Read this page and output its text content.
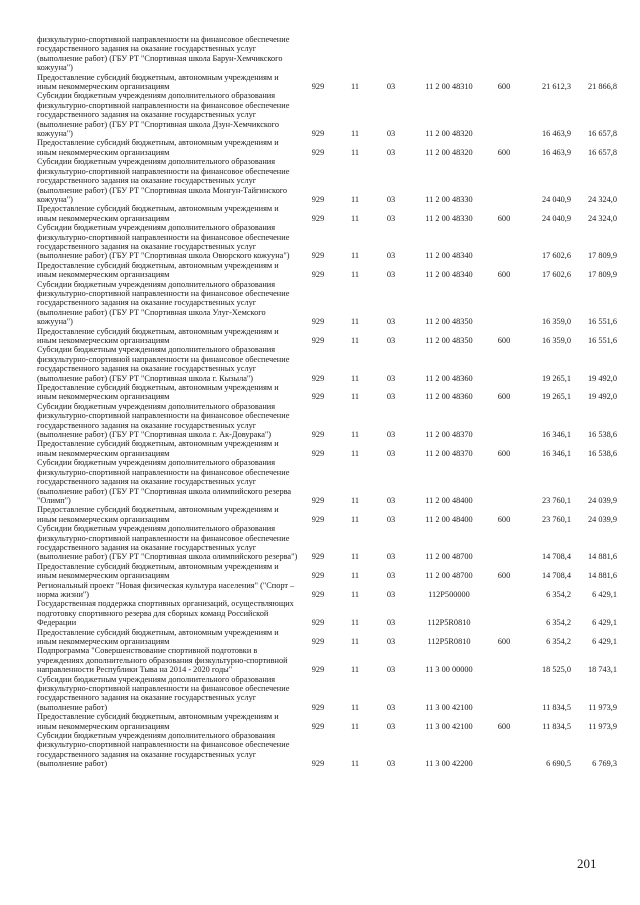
физкультурно-спортивной направленности на финансовое обеспечение государственного задания на оказание государственных услуг (выполнение работ) (ГБУ РТ "Спортивная школа Барун-Хемчикского кожууна")							
Предоставление субсидий бюджетным, автономным учреждениям и иным некоммерческим организациям	929	11	03	11 2 00 48310	600	21 612,3	21 866,8
Субсидии бюджетным учреждениям дополнительного образования физкультурно-спортивной направленности на финансовое обеспечение государственного задания на оказание государственных услуг (выполнение работ) (ГБУ РТ "Спортивная школа Дзун-Хемчикского кожууна")	929	11	03	11 2 00 48320		16 463,9	16 657,8
Предоставление субсидий бюджетным, автономным учреждениям и иным некоммерческим организациям	929	11	03	11 2 00 48320	600	16 463,9	16 657,8
Субсидии бюджетным учреждениям дополнительного образования физкультурно-спортивной направленности на финансовое обеспечение государственного задания на оказание государственных услуг (выполнение работ) (ГБУ РТ "Спортивная школа Монгун-Тайгинского кожууна")	929	11	03	11 2 00 48330		24 040,9	24 324,0
Предоставление субсидий бюджетным, автономным учреждениям и иным некоммерческим организациям	929	11	03	11 2 00 48330	600	24 040,9	24 324,0
Субсидии бюджетным учреждениям дополнительного образования физкультурно-спортивной направленности на финансовое обеспечение государственного задания на оказание государственных услуг (выполнение работ) (ГБУ РТ "Спортивная школа Овюрского кожууна")	929	11	03	11 2 00 48340		17 602,6	17 809,9
Предоставление субсидий бюджетным, автономным учреждениям и иным некоммерческим организациям	929	11	03	11 2 00 48340	600	17 602,6	17 809,9
Субсидии бюджетным учреждениям дополнительного образования физкультурно-спортивной направленности на финансовое обеспечение государственного задания на оказание государственных услуг (выполнение работ) (ГБУ РТ "Спортивная школа Улуг-Хемского кожууна")	929	11	03	11 2 00 48350		16 359,0	16 551,6
Предоставление субсидий бюджетным, автономным учреждениям и иным некоммерческим организациям	929	11	03	11 2 00 48350	600	16 359,0	16 551,6
Субсидии бюджетным учреждениям дополнительного образования физкультурно-спортивной направленности на финансовое обеспечение государственного задания на оказание государственных услуг (выполнение работ) (ГБУ РТ "Спортивная школа г. Кызыла")	929	11	03	11 2 00 48360		19 265,1	19 492,0
Предоставление субсидий бюджетным, автономным учреждениям и иным некоммерческим организациям	929	11	03	11 2 00 48360	600	19 265,1	19 492,0
Субсидии бюджетным учреждениям дополнительного образования физкультурно-спортивной направленности на финансовое обеспечение государственного задания на оказание государственных услуг (выполнение работ) (ГБУ РТ "Спортивная школа г. Ак-Довурака")	929	11	03	11 2 00 48370		16 346,1	16 538,6
Предоставление субсидий бюджетным, автономным учреждениям и иным некоммерческим организациям	929	11	03	11 2 00 48370	600	16 346,1	16 538,6
Субсидии бюджетным учреждениям дополнительного образования физкультурно-спортивной направленности на финансовое обеспечение государственного задания на оказание государственных услуг (выполнение работ) (ГБУ РТ "Спортивная школа олимпийского резерва "Олимп")	929	11	03	11 2 00 48400		23 760,1	24 039,9
Предоставление субсидий бюджетным, автономным учреждениям и иным некоммерческим организациям	929	11	03	11 2 00 48400	600	23 760,1	24 039,9
Субсидии бюджетным учреждениям дополнительного образования физкультурно-спортивной направленности на финансовое обеспечение государственного задания на оказание государственных услуг (выполнение работ) (ГБУ РТ "Спортивная школа олимпийского резерва")	929	11	03	11 2 00 48700		14 708,4	14 881,6
Предоставление субсидий бюджетным, автономным учреждениям и иным некоммерческим организациям	929	11	03	11 2 00 48700	600	14 708,4	14 881,6
Региональный проект "Новая физическая культура населения" ("Спорт –норма жизни")	929	11	03	112P500000		6 354,2	6 429,1
Государственная поддержка спортивных организаций, осуществляющих подготовку спортивного резерва для сборных команд Российской Федерации	929	11	03	112P5R0810		6 354,2	6 429,1
Предоставление субсидий бюджетным, автономным учреждениям и иным некоммерческим организациям	929	11	03	112P5R0810	600	6 354,2	6 429,1
Подпрограмма "Совершенствование спортивной подготовки в учреждениях дополнительного образования физкультурно-спортивной направленности Республики Тыва на 2014 - 2020 годы"	929	11	03	11 3 00 00000		18 525,0	18 743,1
Субсидии бюджетным учреждениям дополнительного образования физкультурно-спортивной направленности на финансовое обеспечение государственного задания на оказание государственных услуг (выполнение работ)	929	11	03	11 3 00 42100		11 834,5	11 973,9
Предоставление субсидий бюджетным, автономным учреждениям и иным некоммерческим организациям	929	11	03	11 3 00 42100	600	11 834,5	11 973,9
Субсидии бюджетным учреждениям дополнительного образования физкультурно-спортивной направленности на финансовое обеспечение государственного задания на оказание государственных услуг (выполнение работ)	929	11	03	11 3 00 42200		6 690,5	6 769,3
201
